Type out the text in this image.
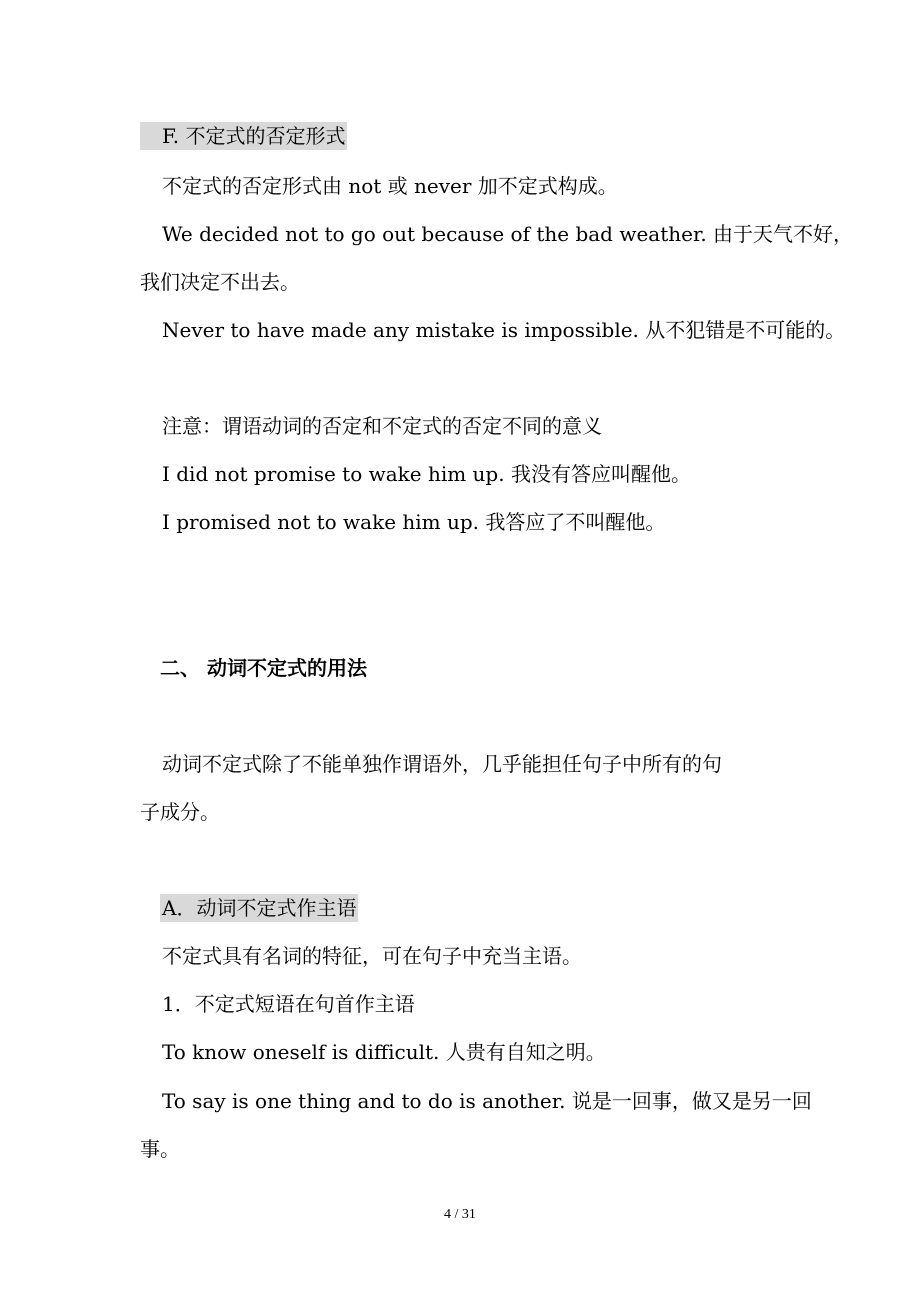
F. 不定式的否定形式
不定式的否定形式由 not 或 never 加不定式构成。
We decided not to go out because of the bad weather. 由于天气不好，
我们决定不出去。
Never to have made any mistake is impossible. 从不犯错是不可能的。
注意：谓语动词的否定和不定式的否定不同的意义
I did not promise to wake him up. 我没有答应叫醒他。
I promised not to wake him up. 我答应了不叫醒他。
二、 动词不定式的用法
动词不定式除了不能单独作谓语外，几乎能担任句子中所有的句
子成分。
A．动词不定式作主语
不定式具有名词的特征，可在句子中充当主语。
1．不定式短语在句首作主语
To know oneself is difficult. 人贵有自知之明。
To say is one thing and to do is another. 说是一回事，做又是另一回
事。
4 / 31
